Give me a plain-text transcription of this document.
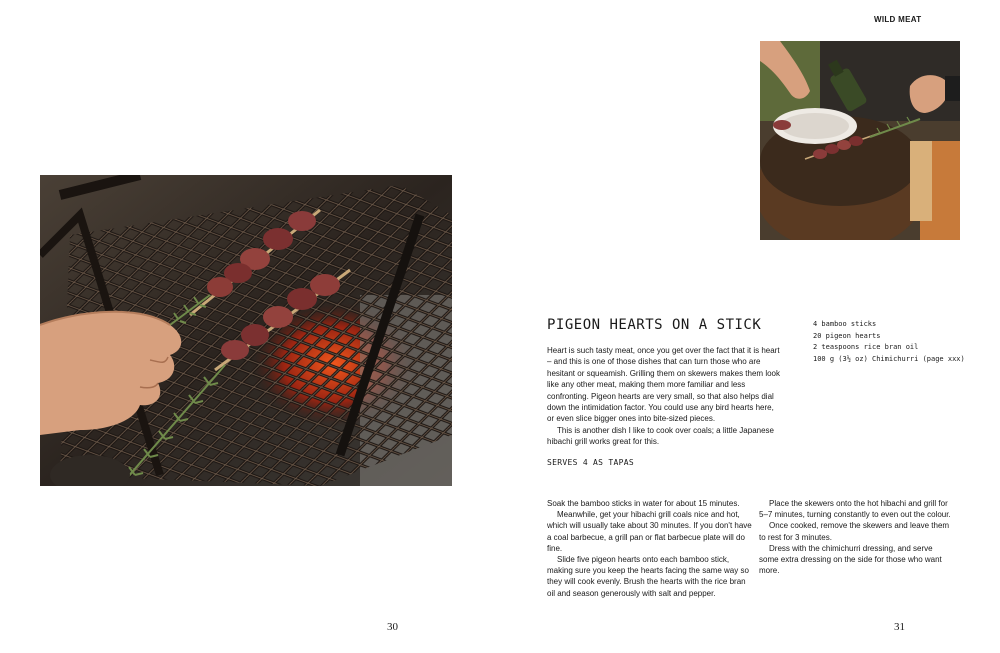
30
WILD MEAT
PIGEON HEARTS ON A STICK	4 bamboo sticks
20 pigeon hearts
2 teaspoons rice bran oil
100 g (3½ oz) Chimichurri (page xxx)

Heart is such tasty meat, once you get over the fact that it is heart – and this is one of those dishes that can turn those who are hesitant or squeamish. Grilling them on skewers makes them look like any other meat, making them more familiar and less confronting. Pigeon hearts are very small, so that also helps dial down the intimidation factor. You could use any bird hearts here, or even slice bigger ones into bite-sized pieces.

This is another dish I like to cook over coals; a little Japanese hibachi grill works great for this.

SERVES 4 AS TAPAS

Soak the bamboo sticks in water for about 15 minutes.

Meanwhile, get your hibachi grill coals nice and hot, which will usually take about 30 minutes. If you don't have a coal barbecue, a grill pan or flat barbecue plate will do fine.

Slide five pigeon hearts onto each bamboo stick, making sure you keep the hearts facing the same way so they will cook evenly. Brush the hearts with the rice bran oil and season generously with salt and pepper.

Place the skewers onto the hot hibachi and grill for 5–7 minutes, turning constantly to even out the colour.

Once cooked, remove the skewers and leave them to rest for 3 minutes.

Dress with the chimichurri dressing, and serve some extra dressing on the side for those who want more.

31
